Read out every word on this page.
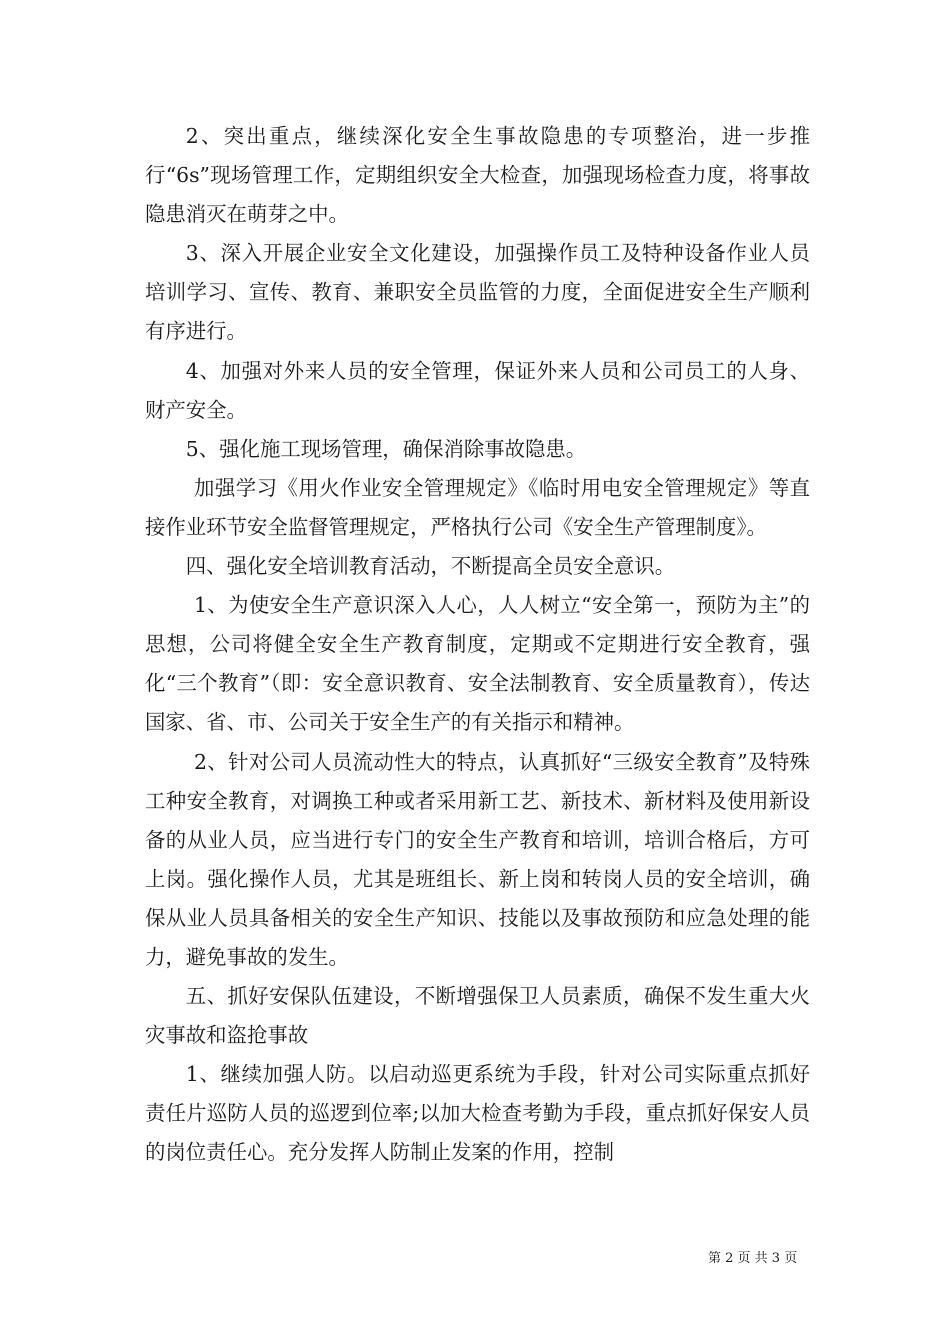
2、突出重点，继续深化安全生事故隐患的专项整治，进一步推行“6s”现场管理工作，定期组织安全大检查，加强现场检查力度，将事故隐患消灭在萌芽之中。

3、深入开展企业安全文化建设，加强操作员工及特种设备作业人员培训学习、宣传、教育、兼职安全员监管的力度，全面促进安全生产顺利有序进行。

4、加强对外来人员的安全管理，保证外来人员和公司员工的人身、财产安全。

5、强化施工现场管理，确保消除事故隐患。

加强学习《用火作业安全管理规定》《临时用电安全管理规定》等直接作业环节安全监督管理规定，严格执行公司《安全生产管理制度》。

四、强化安全培训教育活动，不断提高全员安全意识。

1、为使安全生产意识深入人心，人人树立“安全第一，预防为主”的思想，公司将健全安全生产教育制度，定期或不定期进行安全教育，强化“三个教育”（即：安全意识教育、安全法制教育、安全质量教育），传达国家、省、市、公司关于安全生产的有关指示和精神。

2、针对公司人员流动性大的特点，认真抓好“三级安全教育”及特殊工种安全教育，对调换工种或者采用新工艺、新技术、新材料及使用新设备的从业人员，应当进行专门的安全生产教育和培训，培训合格后，方可上岗。强化操作人员，尤其是班组长、新上岗和转岗人员的安全培训，确保从业人员具备相关的安全生产知识、技能以及事故预防和应急处理的能力，避免事故的发生。

五、抓好安保队伍建设，不断增强保卫人员素质，确保不发生重大火灾事故和盗抢事故

1、继续加强人防。以启动巡更系统为手段，针对公司实际重点抓好责任片巡防人员的巡逻到位率;以加大检查考勤为手段，重点抓好保安人员的岗位责任心。充分发挥人防制止发案的作用，控制

第 2 页 共 3 页
